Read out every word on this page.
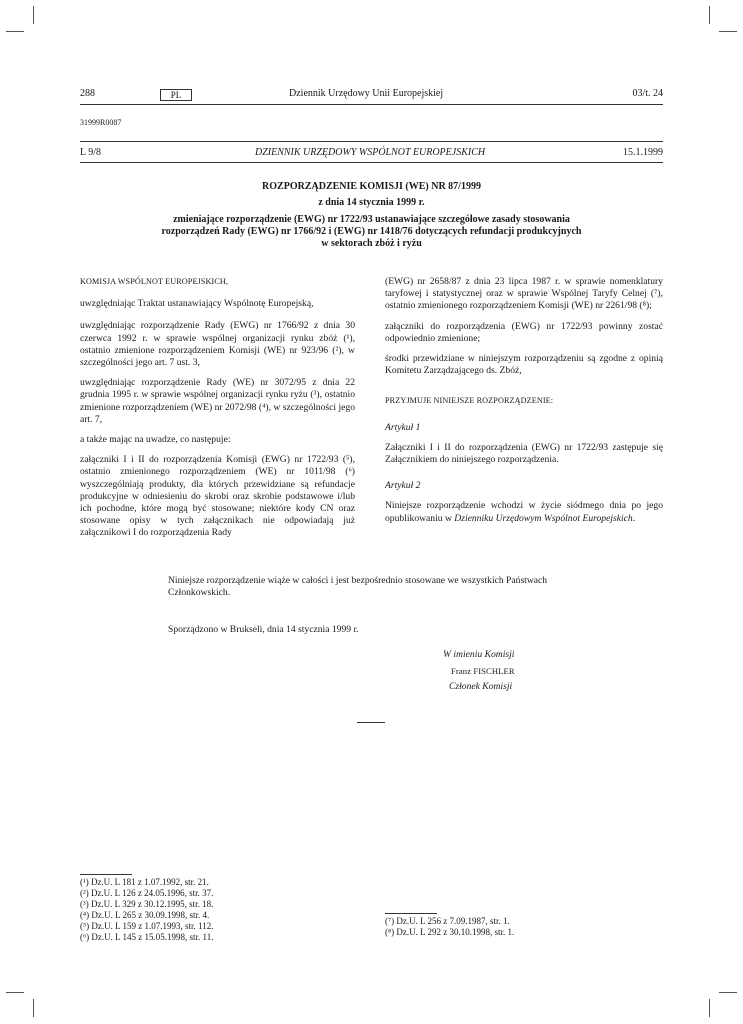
288	PL	Dziennik Urzędowy Unii Europejskiej	03/t. 24
31999R0087
L 9/8	DZIENNIK URZĘDOWY WSPÓLNOT EUROPEJSKICH	15.1.1999
ROZPORZĄDZENIE KOMISJI (WE) NR 87/1999
z dnia 14 stycznia 1999 r.
zmieniające rozporządzenie (EWG) nr 1722/93 ustanawiające szczegółowe zasady stosowania
rozporządzeń Rady (EWG) nr 1766/92 i (EWG) nr 1418/76 dotyczących refundacji produkcyjnych
w sektorach zbóż i ryżu

KOMISJA WSPÓLNOT EUROPEJSKICH,

uwzględniając Traktat ustanawiający Wspólnotę Europejską,

uwzględniając rozporządzenie Rady (EWG) nr 1766/92 z dnia 30 czerwca 1992 r. w sprawie wspólnej organizacji rynku zbóż (¹), ostatnio zmienione rozporządzeniem Komisji (WE) nr 923/96 (²), w szczególności jego art. 7 ust. 3,

uwzględniając rozporządzenie Rady (WE) nr 3072/95 z dnia 22 grudnia 1995 r. w sprawie wspólnej organizacji rynku ryżu (³), ostatnio zmienione rozporządzeniem (WE) nr 2072/98 (⁴), w szczególności jego art. 7,

a także mając na uwadze, co następuje:

załączniki I i II do rozporządzenia Komisji (EWG) nr 1722/93 (⁵), ostatnio zmienionego rozporządzeniem (WE) nr 1011/98 (⁶) wyszczególniają produkty, dla których przewidziane są refundacje produkcyjne w odniesieniu do skrobi oraz skrobie podstawowe i/lub ich pochodne, które mogą być stosowane; niektóre kody CN oraz stosowane opisy w tych załącznikach nie odpowiadają już załącznikowi I do rozporządzenia Rady

(EWG) nr 2658/87 z dnia 23 lipca 1987 r. w sprawie nomenklatury taryfowej i statystycznej oraz w sprawie Wspólnej Taryfy Celnej (⁷), ostatnio zmienionego rozporządzeniem Komisji (WE) nr 2261/98 (⁸);

załączniki do rozporządzenia (EWG) nr 1722/93 powinny zostać odpowiednio zmienione;

środki przewidziane w niniejszym rozporządzeniu są zgodne z opinią Komitetu Zarządzającego ds. Zbóż,

PRZYJMUJE NINIEJSZE ROZPORZĄDZENIE:

Artykuł 1

Załączniki I i II do rozporządzenia (EWG) nr 1722/93 zastępuje się Załącznikiem do niniejszego rozporządzenia.

Artykuł 2

Niniejsze rozporządzenie wchodzi w życie siódmego dnia po jego opublikowaniu w Dzienniku Urzędowym Wspólnot Europejskich.

Niniejsze rozporządzenie wiąże w całości i jest bezpośrednio stosowane we wszystkich Państwach Członkowskich.
Sporządzono w Brukseli, dnia 14 stycznia 1999 r.
W imieniu Komisji
Franz FISCHLER
Członek Komisji
(¹) Dz.U. L 181 z 1.07.1992, str. 21.
(²) Dz.U. L 126 z 24.05.1996, str. 37.
(³) Dz.U. L 329 z 30.12.1995, str. 18.
(⁴) Dz.U. L 265 z 30.09.1998, str. 4.
(⁵) Dz.U. L 159 z 1.07.1993, str. 112.
(⁶) Dz.U. L 145 z 15.05.1998, str. 11.
(⁷) Dz.U. L 256 z 7.09.1987, str. 1.
(⁸) Dz.U. L 292 z 30.10.1998, str. 1.
